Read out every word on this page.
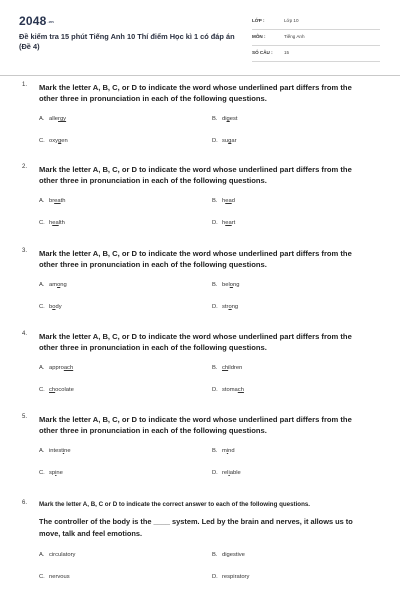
2048.vn
Đề kiểm tra 15 phút Tiếng Anh 10 Thí điểm Học kì 1 có đáp án (Đề 4)
LỚP :	Lớp 10
MÔN :	Tiếng Anh
SỐ CÂU : 15
1. Mark the letter A, B, C, or D to indicate the word whose underlined part differs from the other three in pronunciation in each of the following questions.
A. allergy	B. digest
C. oxygen	D. sugar
2. Mark the letter A, B, C, or D to indicate the word whose underlined part differs from the other three in pronunciation in each of the following questions.
A. breath	B. head
C. health	D. heart
3. Mark the letter A, B, C, or D to indicate the word whose underlined part differs from the other three in pronunciation in each of the following questions.
A. among	B. belong
C. body	D. strong
4. Mark the letter A, B, C, or D to indicate the word whose underlined part differs from the other three in pronunciation in each of the following questions.
A. approach	B. children
C. chocolate	D. stomach
5. Mark the letter A, B, C, or D to indicate the word whose underlined part differs from the other three in pronunciation in each of the following questions.
A. intestine	B. mind
C. spine	D. reliable
6. Mark the letter A, B, C or D to indicate the correct answer to each of the following questions.
The controller of the body is the ____ system. Led by the brain and nerves, it allows us to move, talk and feel emotions.
A. circulatory	B. digestive
C. nervous	D. respiratory
